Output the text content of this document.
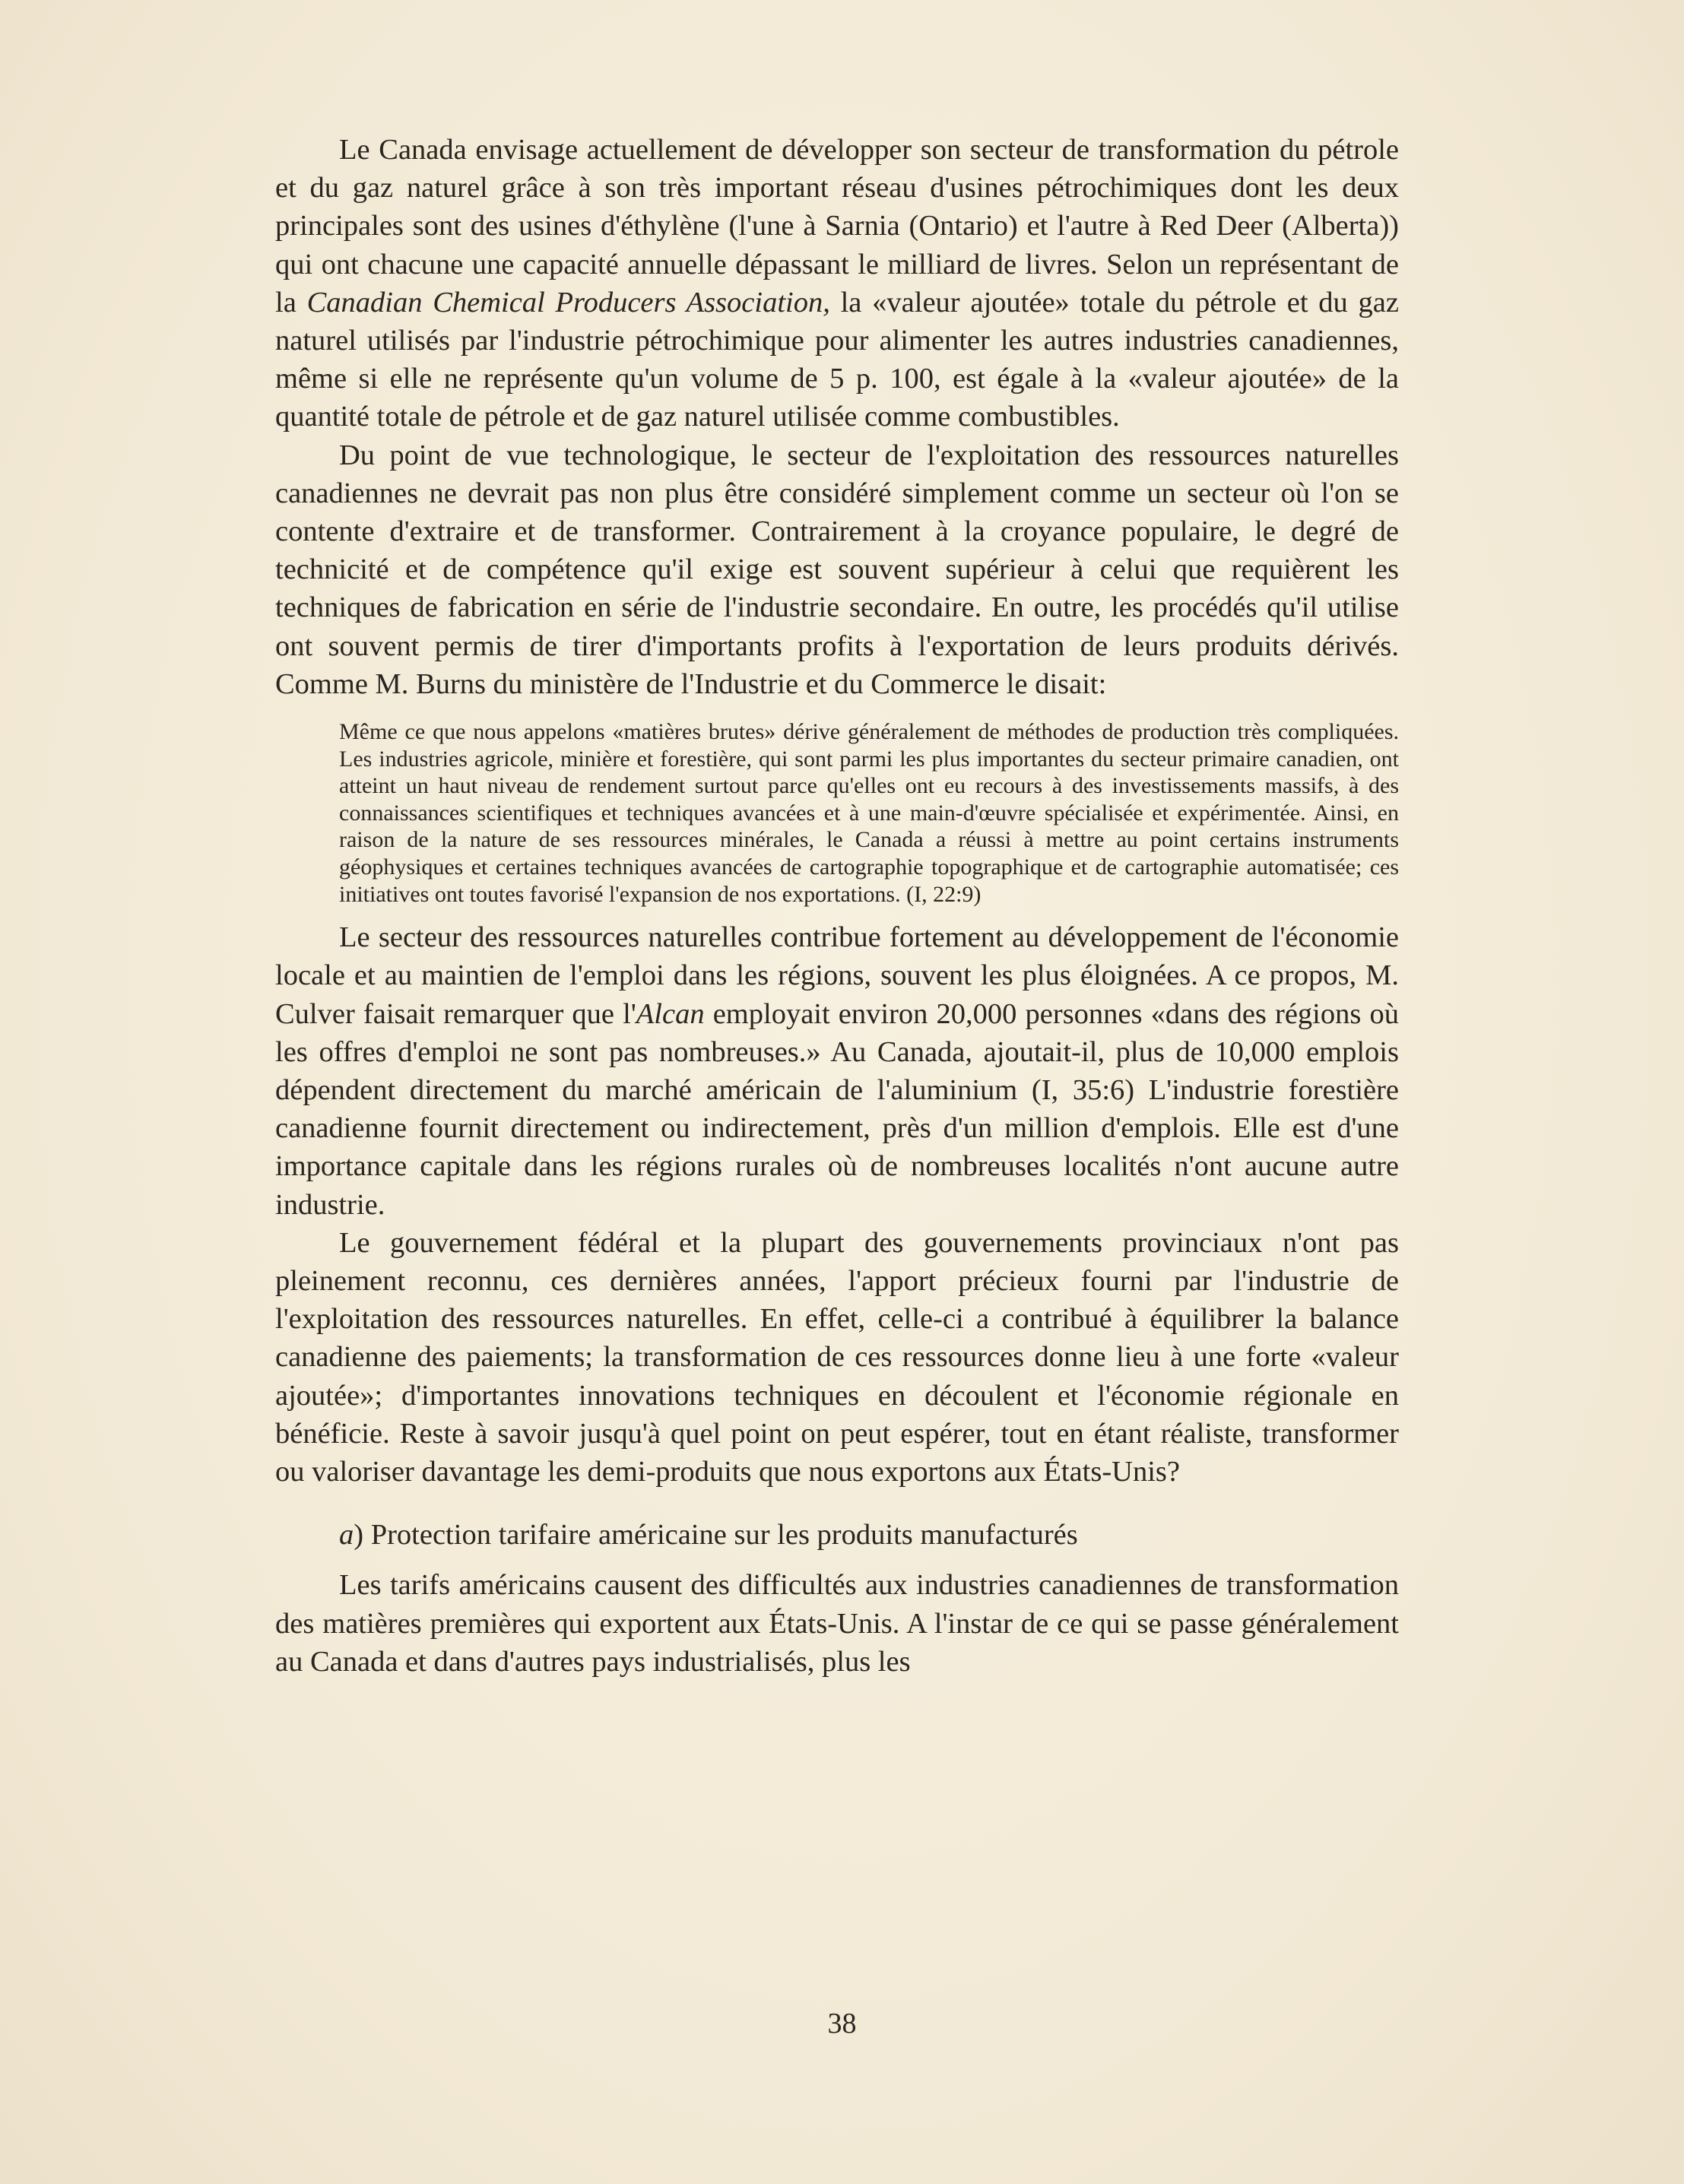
Le Canada envisage actuellement de développer son secteur de transformation du pétrole et du gaz naturel grâce à son très important réseau d'usines pétrochimiques dont les deux principales sont des usines d'éthylène (l'une à Sarnia (Ontario) et l'autre à Red Deer (Alberta)) qui ont chacune une capacité annuelle dépassant le milliard de livres. Selon un représentant de la Canadian Chemical Producers Association, la «valeur ajoutée» totale du pétrole et du gaz naturel utilisés par l'industrie pétrochimique pour alimenter les autres industries canadiennes, même si elle ne représente qu'un volume de 5 p. 100, est égale à la «valeur ajoutée» de la quantité totale de pétrole et de gaz naturel utilisée comme combustibles.

Du point de vue technologique, le secteur de l'exploitation des ressources naturelles canadiennes ne devrait pas non plus être considéré simplement comme un secteur où l'on se contente d'extraire et de transformer. Contrairement à la croyance populaire, le degré de technicité et de compétence qu'il exige est souvent supérieur à celui que requièrent les techniques de fabrication en série de l'industrie secondaire. En outre, les procédés qu'il utilise ont souvent permis de tirer d'importants profits à l'exportation de leurs produits dérivés. Comme M. Burns du ministère de l'Industrie et du Commerce le disait:

Même ce que nous appelons «matières brutes» dérive généralement de méthodes de production très compliquées. Les industries agricole, minière et forestière, qui sont parmi les plus importantes du secteur primaire canadien, ont atteint un haut niveau de rendement surtout parce qu'elles ont eu recours à des investissements massifs, à des connaissances scientifiques et techniques avancées et à une main-d'œuvre spécialisée et expérimentée. Ainsi, en raison de la nature de ses ressources minérales, le Canada a réussi à mettre au point certains instruments géophysiques et certaines techniques avancées de cartographie topographique et de cartographie automatisée; ces initiatives ont toutes favorisé l'expansion de nos exportations. (I, 22:9)

Le secteur des ressources naturelles contribue fortement au développement de l'économie locale et au maintien de l'emploi dans les régions, souvent les plus éloignées. A ce propos, M. Culver faisait remarquer que l'Alcan employait environ 20,000 personnes «dans des régions où les offres d'emploi ne sont pas nombreuses.» Au Canada, ajoutait-il, plus de 10,000 emplois dépendent directement du marché américain de l'aluminium (I, 35:6) L'industrie forestière canadienne fournit directement ou indirectement, près d'un million d'emplois. Elle est d'une importance capitale dans les régions rurales où de nombreuses localités n'ont aucune autre industrie.

Le gouvernement fédéral et la plupart des gouvernements provinciaux n'ont pas pleinement reconnu, ces dernières années, l'apport précieux fourni par l'industrie de l'exploitation des ressources naturelles. En effet, celle-ci a contribué à équilibrer la balance canadienne des paiements; la transformation de ces ressources donne lieu à une forte «valeur ajoutée»; d'importantes innovations techniques en découlent et l'économie régionale en bénéficie. Reste à savoir jusqu'à quel point on peut espérer, tout en étant réaliste, transformer ou valoriser davantage les demi-produits que nous exportons aux États-Unis?

a) Protection tarifaire américaine sur les produits manufacturés

Les tarifs américains causent des difficultés aux industries canadiennes de transformation des matières premières qui exportent aux États-Unis. A l'instar de ce qui se passe généralement au Canada et dans d'autres pays industrialisés, plus les

38
